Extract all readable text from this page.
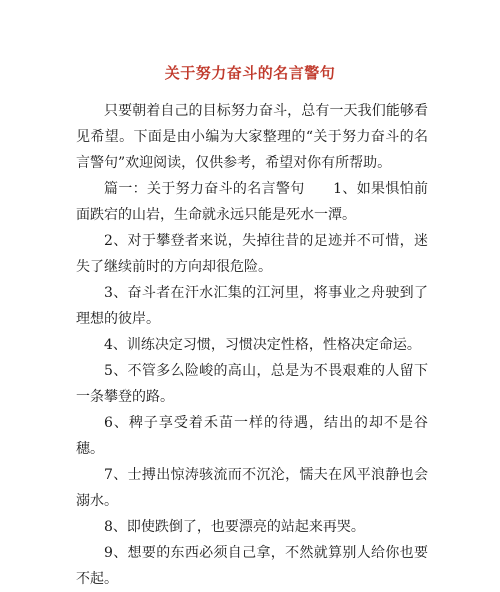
关于努力奋斗的名言警句

只要朝着自己的目标努力奋斗，总有一天我们能够看见希望。下面是由小编为大家整理的“关于努力奋斗的名言警句”欢迎阅读，仅供参考，希望对你有所帮助。

篇一：关于努力奋斗的名言警句　　1、如果惧怕前面跌宕的山岩，生命就永远只能是死水一潭。

2、对于攀登者来说，失掉往昔的足迹并不可惜，迷失了继续前时的方向却很危险。

3、奋斗者在汗水汇集的江河里，将事业之舟驶到了理想的彼岸。

4、训练决定习惯，习惯决定性格，性格决定命运。

5、不管多么险峻的高山，总是为不畏艰难的人留下一条攀登的路。

6、稗子享受着禾苗一样的待遇，结出的却不是谷穗。

7、士搏出惊涛骇流而不沉沦，懦夫在风平浪静也会溺水。

8、即使跌倒了，也要漂亮的站起来再哭。

9、想要的东西必须自己拿，不然就算别人给你也要不起。
